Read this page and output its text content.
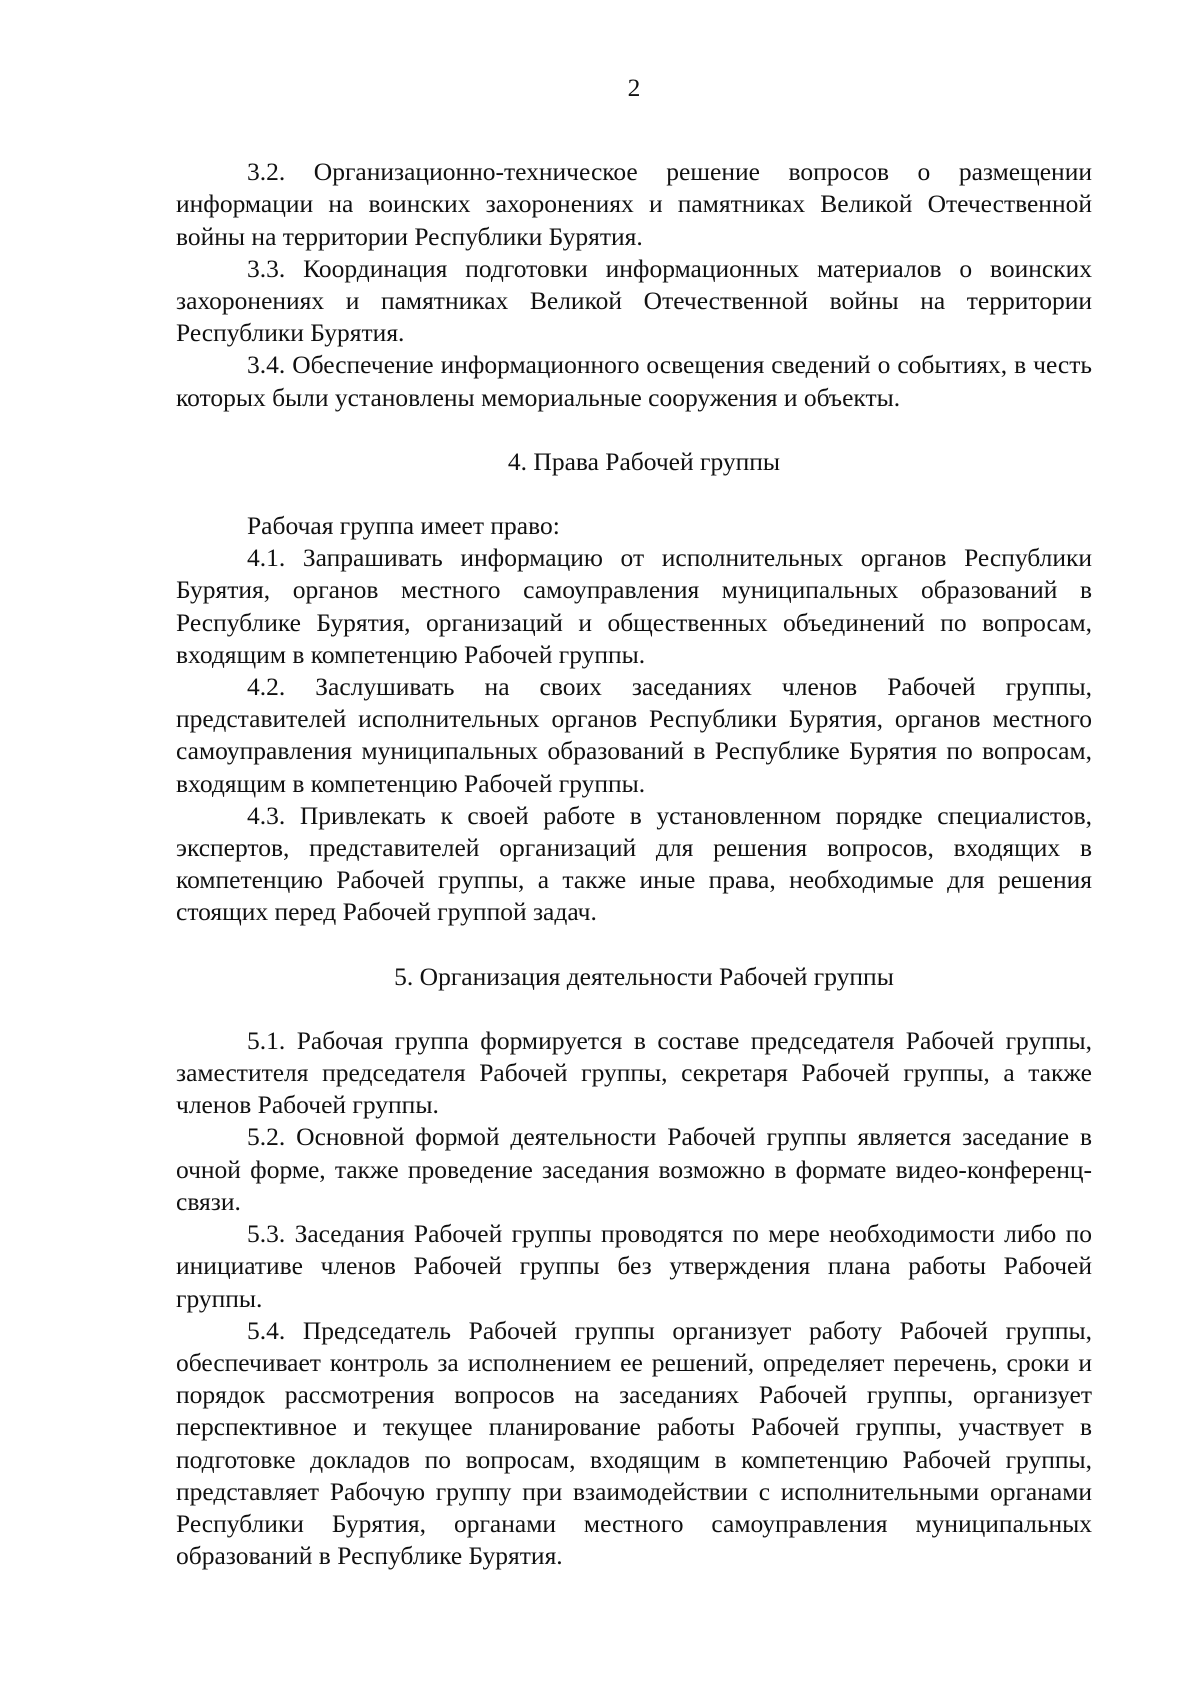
2

3.2. Организационно-техническое решение вопросов о размещении информации на воинских захоронениях и памятниках Великой Отечественной войны на территории Республики Бурятия.

3.3. Координация подготовки информационных материалов о воинских захоронениях и памятниках Великой Отечественной войны на территории Республики Бурятия.

3.4. Обеспечение информационного освещения сведений о событиях, в честь которых были установлены мемориальные сооружения и объекты.

4. Права Рабочей группы

Рабочая группа имеет право:

4.1. Запрашивать информацию от исполнительных органов Республики Бурятия, органов местного самоуправления муниципальных образований в Республике Бурятия, организаций и общественных объединений по вопросам, входящим в компетенцию Рабочей группы.

4.2. Заслушивать на своих заседаниях членов Рабочей группы, представителей исполнительных органов Республики Бурятия, органов местного самоуправления муниципальных образований в Республике Бурятия по вопросам, входящим в компетенцию Рабочей группы.

4.3. Привлекать к своей работе в установленном порядке специалистов, экспертов, представителей организаций для решения вопросов, входящих в компетенцию Рабочей группы, а также иные права, необходимые для решения стоящих перед Рабочей группой задач.

5. Организация деятельности Рабочей группы

5.1. Рабочая группа формируется в составе председателя Рабочей группы, заместителя председателя Рабочей группы, секретаря Рабочей группы, а также членов Рабочей группы.

5.2. Основной формой деятельности Рабочей группы является заседание в очной форме, также проведение заседания возможно в формате видео-конференц-связи.

5.3. Заседания Рабочей группы проводятся по мере необходимости либо по инициативе членов Рабочей группы без утверждения плана работы Рабочей группы.

5.4. Председатель Рабочей группы организует работу Рабочей группы, обеспечивает контроль за исполнением ее решений, определяет перечень, сроки и порядок рассмотрения вопросов на заседаниях Рабочей группы, организует перспективное и текущее планирование работы Рабочей группы, участвует в подготовке докладов по вопросам, входящим в компетенцию Рабочей группы, представляет Рабочую группу при взаимодействии с исполнительными органами Республики Бурятия, органами местного самоуправления муниципальных образований в Республике Бурятия.
